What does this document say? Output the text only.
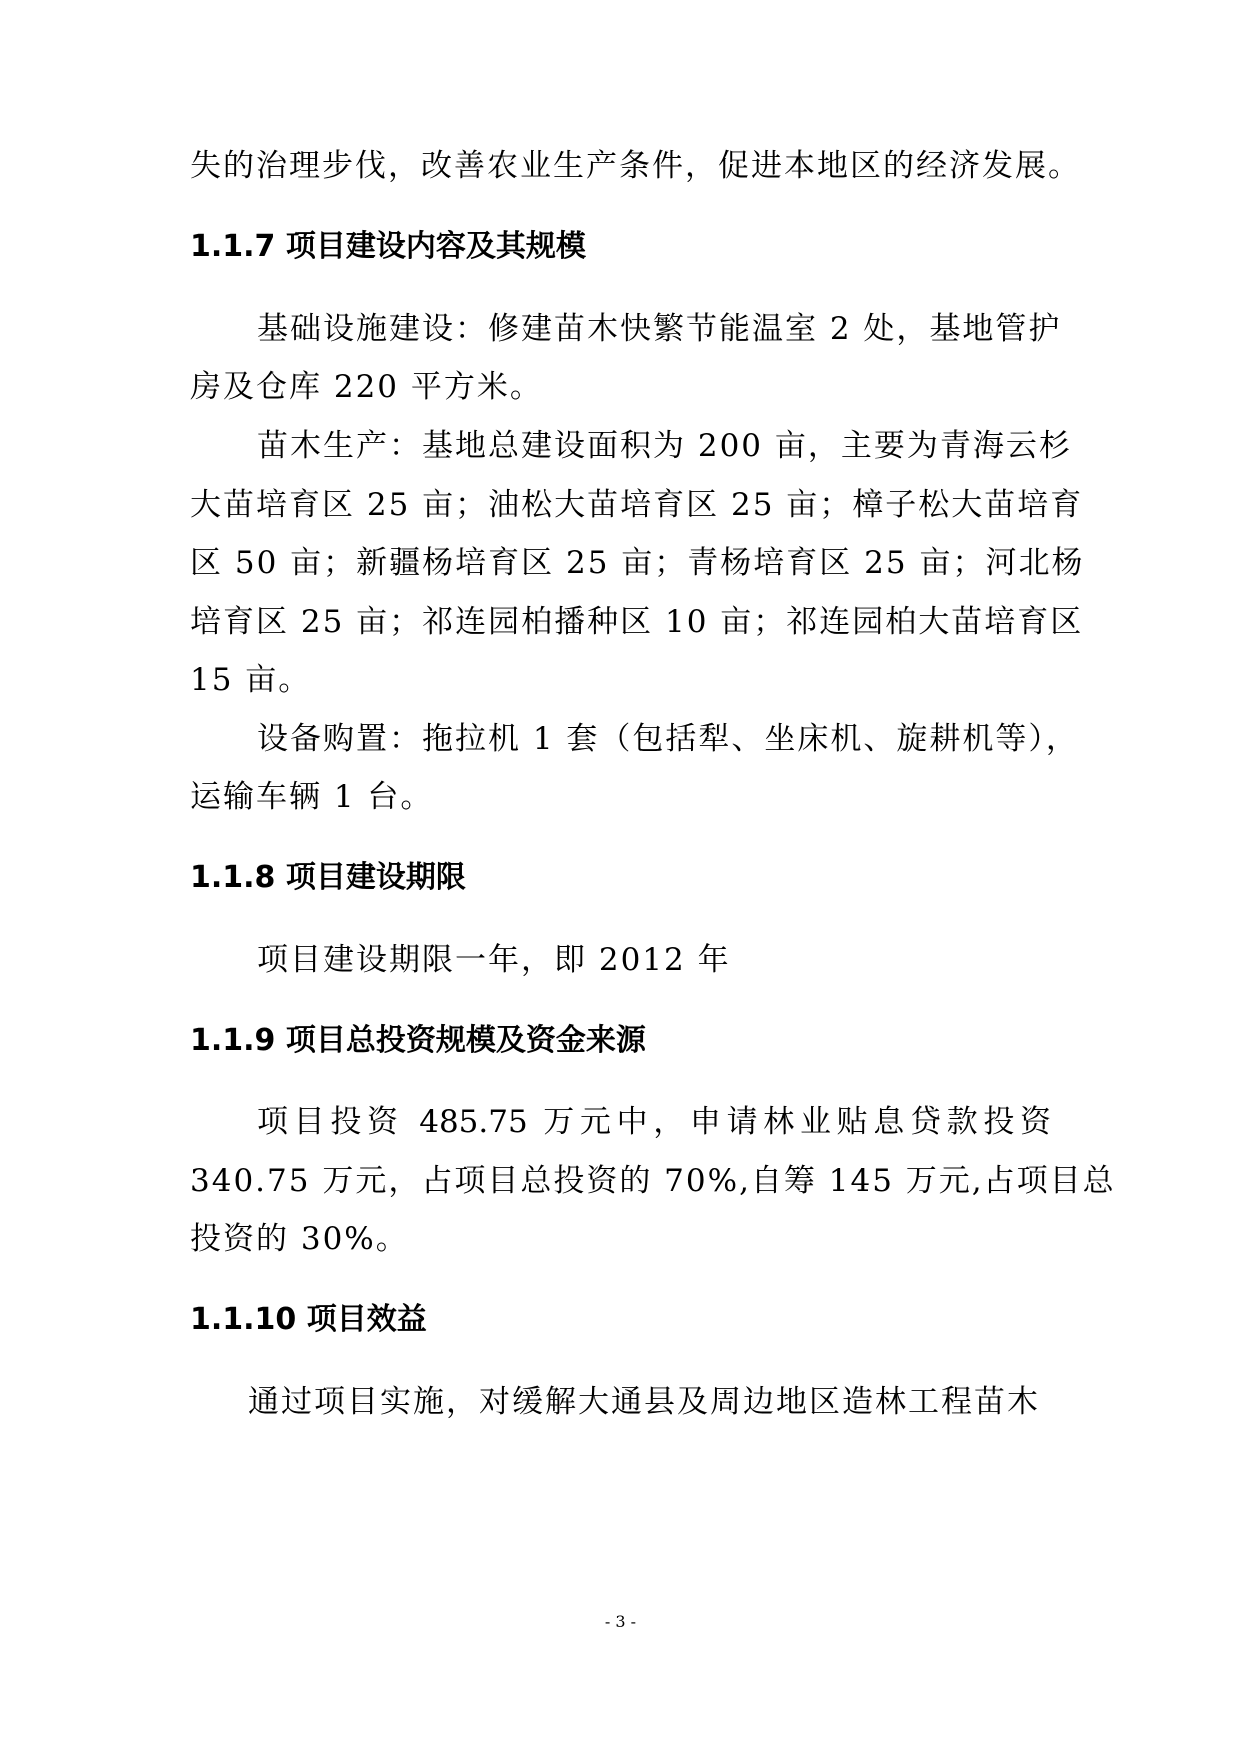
失的治理步伐，改善农业生产条件，促进本地区的经济发展。
1.1.7 项目建设内容及其规模
基础设施建设：修建苗木快繁节能温室 2 处，基地管护
房及仓库 220 平方米。
苗木生产：基地总建设面积为 200 亩，主要为青海云杉
大苗培育区 25 亩；油松大苗培育区 25 亩；樟子松大苗培育
区 50 亩；新疆杨培育区 25 亩；青杨培育区 25 亩；河北杨
培育区 25 亩；祁连园柏播种区 10 亩；祁连园柏大苗培育区
15 亩。
设备购置：拖拉机 1 套（包括犁、坐床机、旋耕机等），
运输车辆 1 台。
1.1.8 项目建设期限
项目建设期限一年，即 2012 年
1.1.9 项目总投资规模及资金来源
项目投资 485.75 万元中，申请林业贴息贷款投资
340.75 万元，占项目总投资的 70%,自筹 145 万元,占项目总
投资的 30%。
1.1.10 项目效益
通过项目实施，对缓解大通县及周边地区造林工程苗木
- 3 -
